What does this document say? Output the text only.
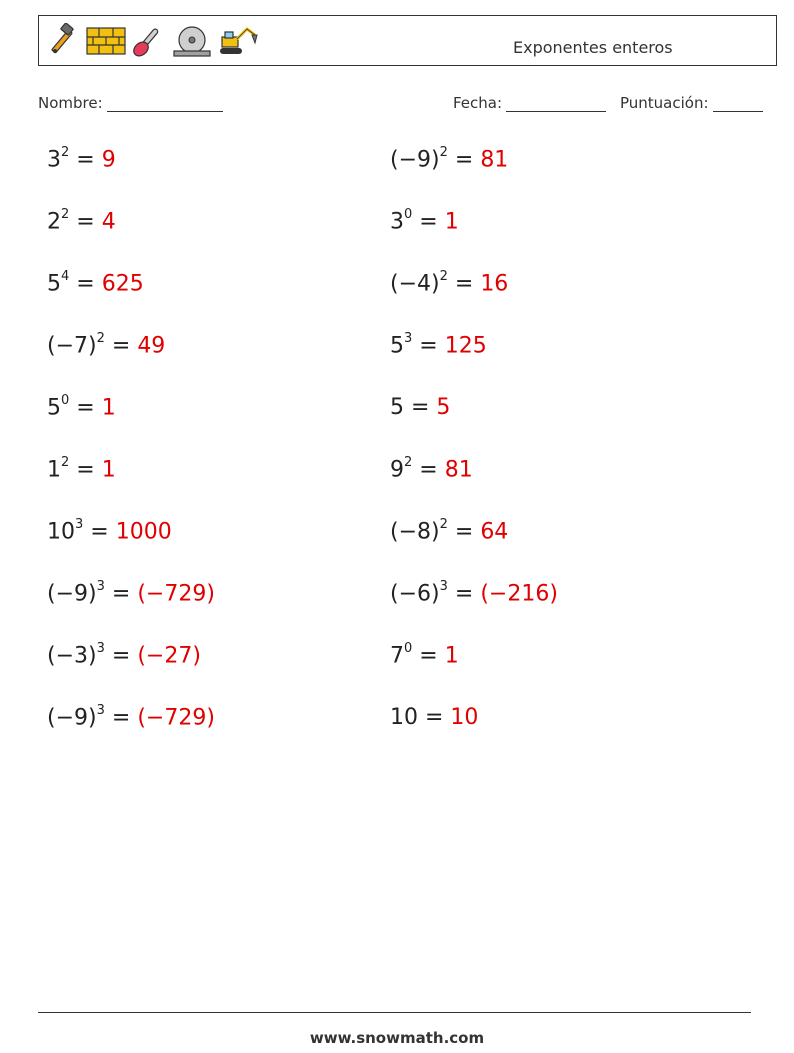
Exponentes enteros
Nombre:	Fecha:	Puntuación:
$3^2 = 9$	$(-9)^2 = 81$
$2^2 = 4$	$3^0 = 1$
$5^4 = 625$	$(-4)^2 = 16$
$(-7)^2 = 49$	$5^3 = 125$
$5^0 = 1$	5 = 5
$1^2 = 1$	$9^2 = 81$
$10^3 = 1000$	$(-8)^2 = 64$
$(-9)^3 = (-729)$	$(-6)^3 = (-216)$
$(-3)^3 = (-27)$	$7^0 = 1$
$(-9)^3 = (-729)$	10 = 10
www.snowmath.com
